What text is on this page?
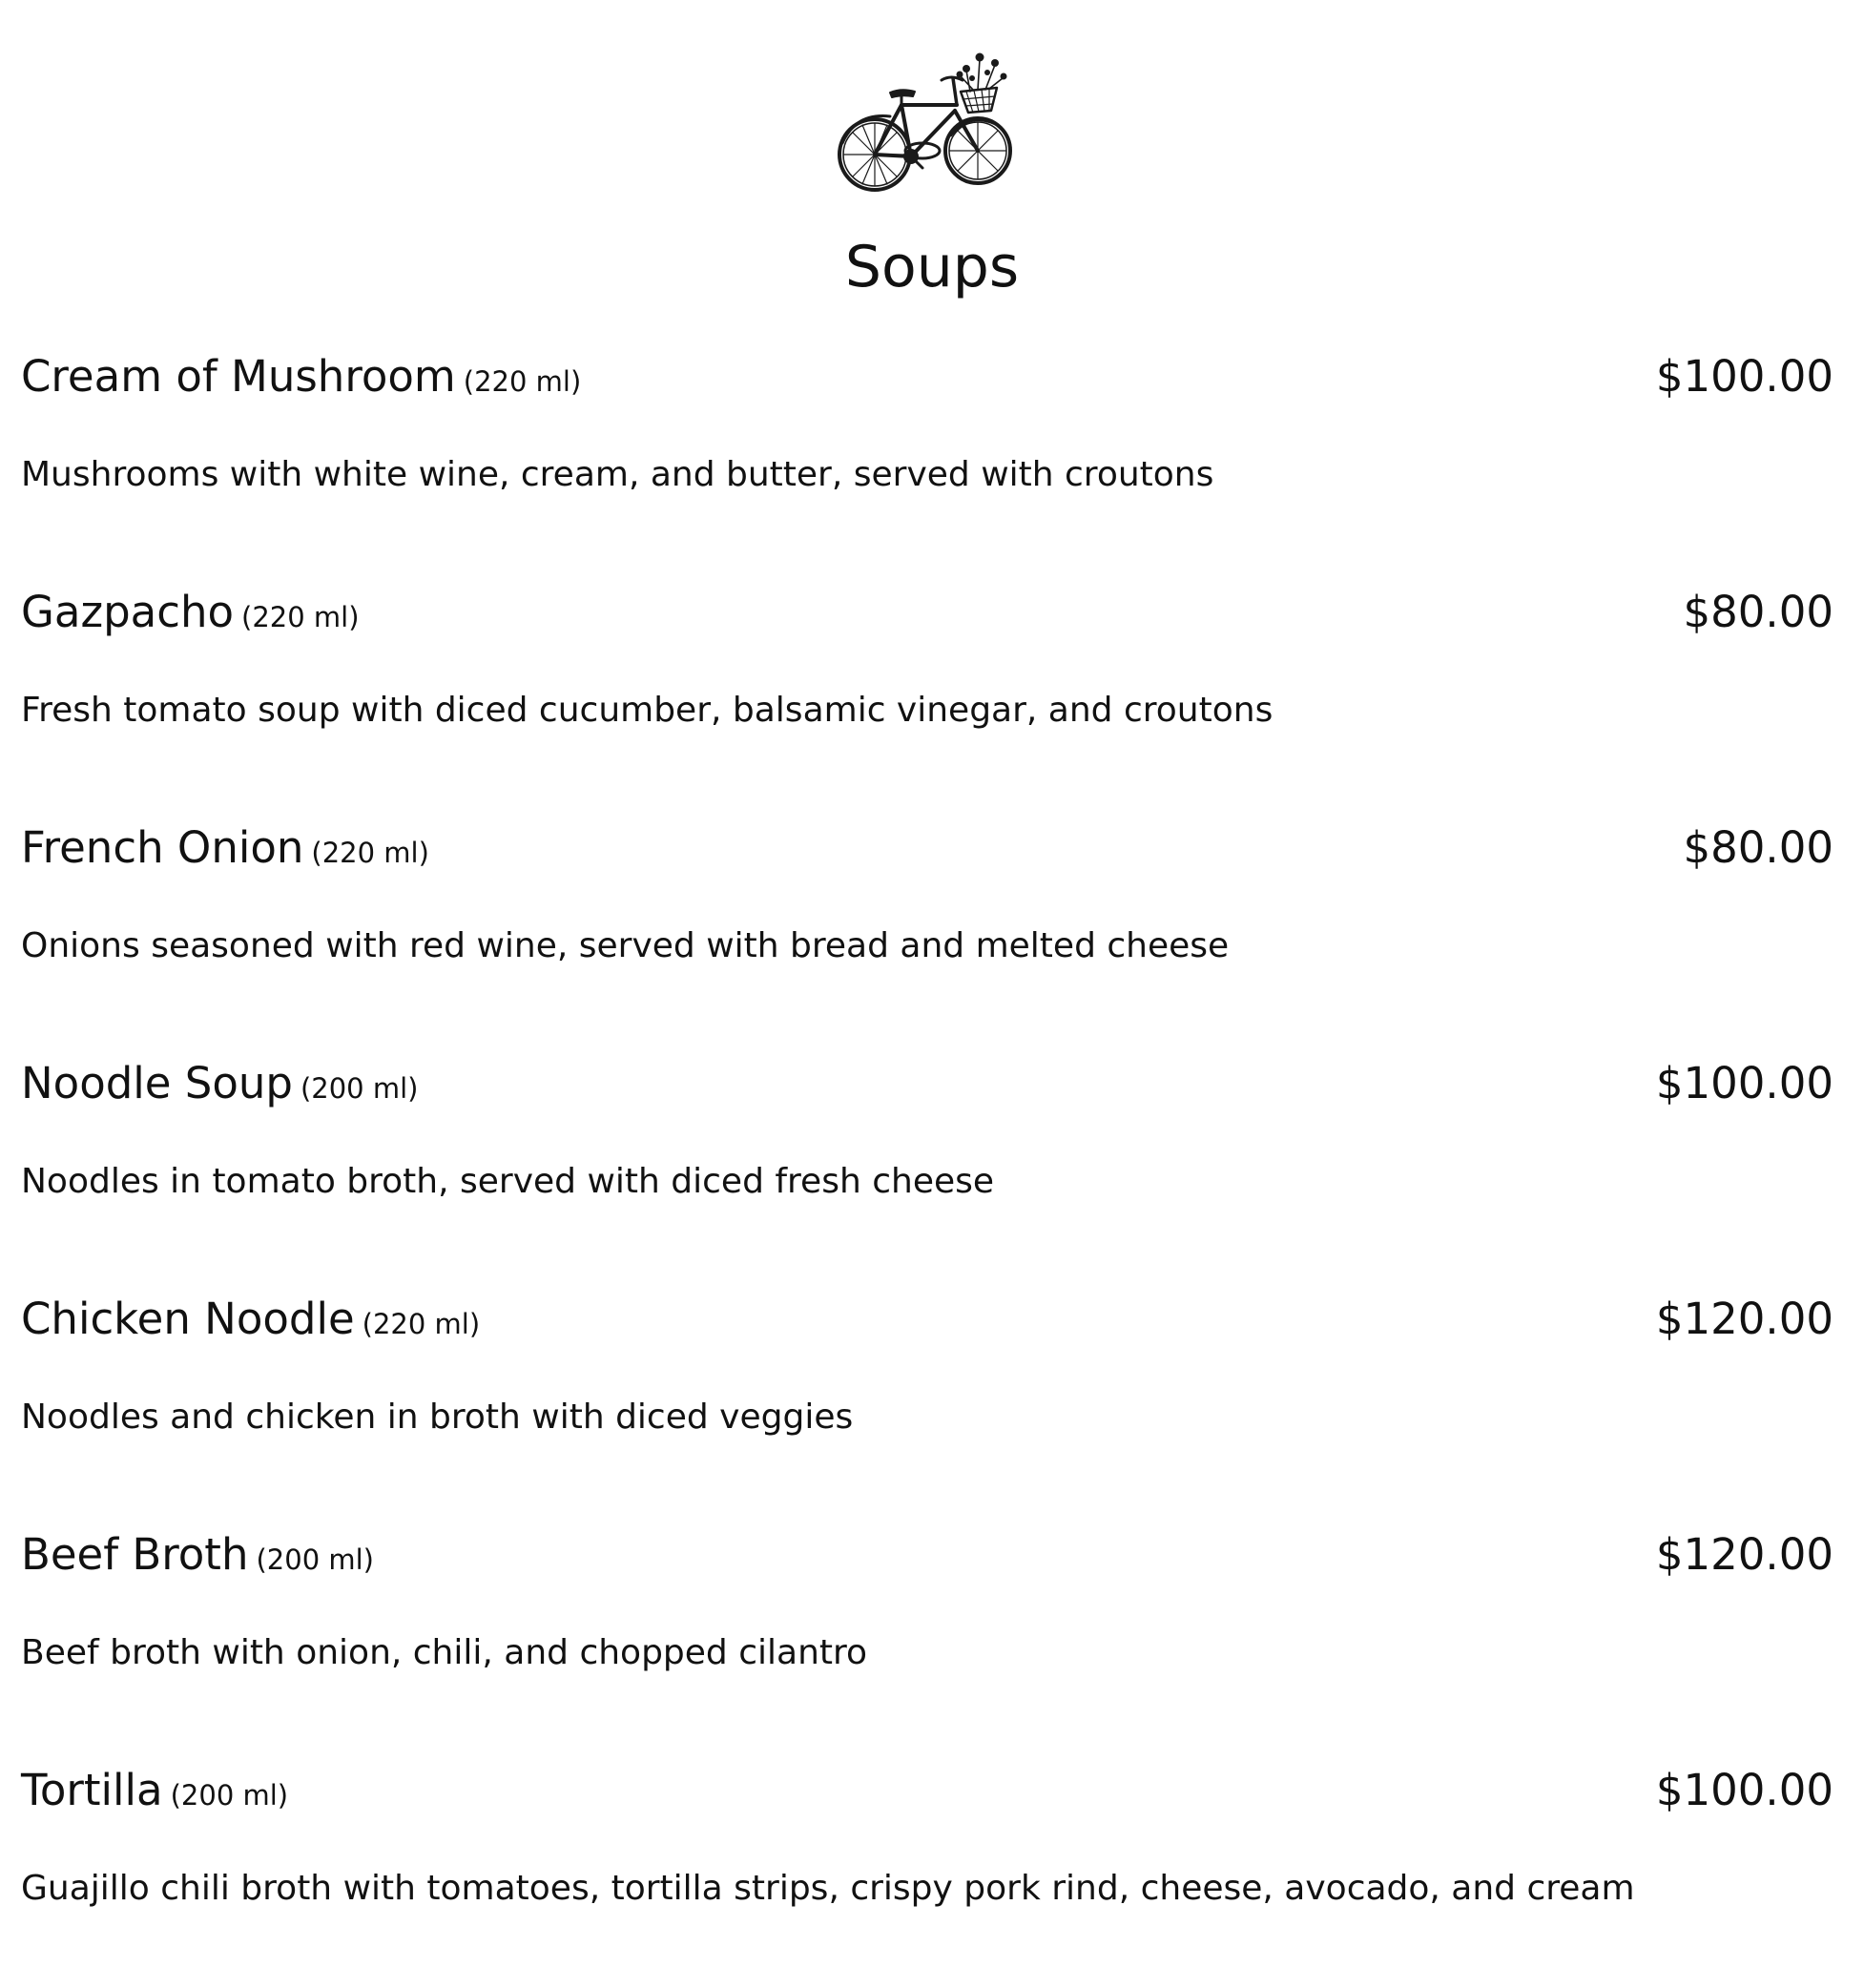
Soups
Cream of Mushroom (220 ml)	$100.00
Mushrooms with white wine, cream, and butter, served with croutons
Gazpacho (220 ml)	$80.00
Fresh tomato soup with diced cucumber, balsamic vinegar, and croutons
French Onion (220 ml)	$80.00
Onions seasoned with red wine, served with bread and melted cheese
Noodle Soup (200 ml)	$100.00
Noodles in tomato broth, served with diced fresh cheese
Chicken Noodle (220 ml)	$120.00
Noodles and chicken in broth with diced veggies
Beef Broth (200 ml)	$120.00
Beef broth with onion, chili, and chopped cilantro
Tortilla (200 ml)	$100.00
Guajillo chili broth with tomatoes, tortilla strips, crispy pork rind, cheese, avocado, and cream
